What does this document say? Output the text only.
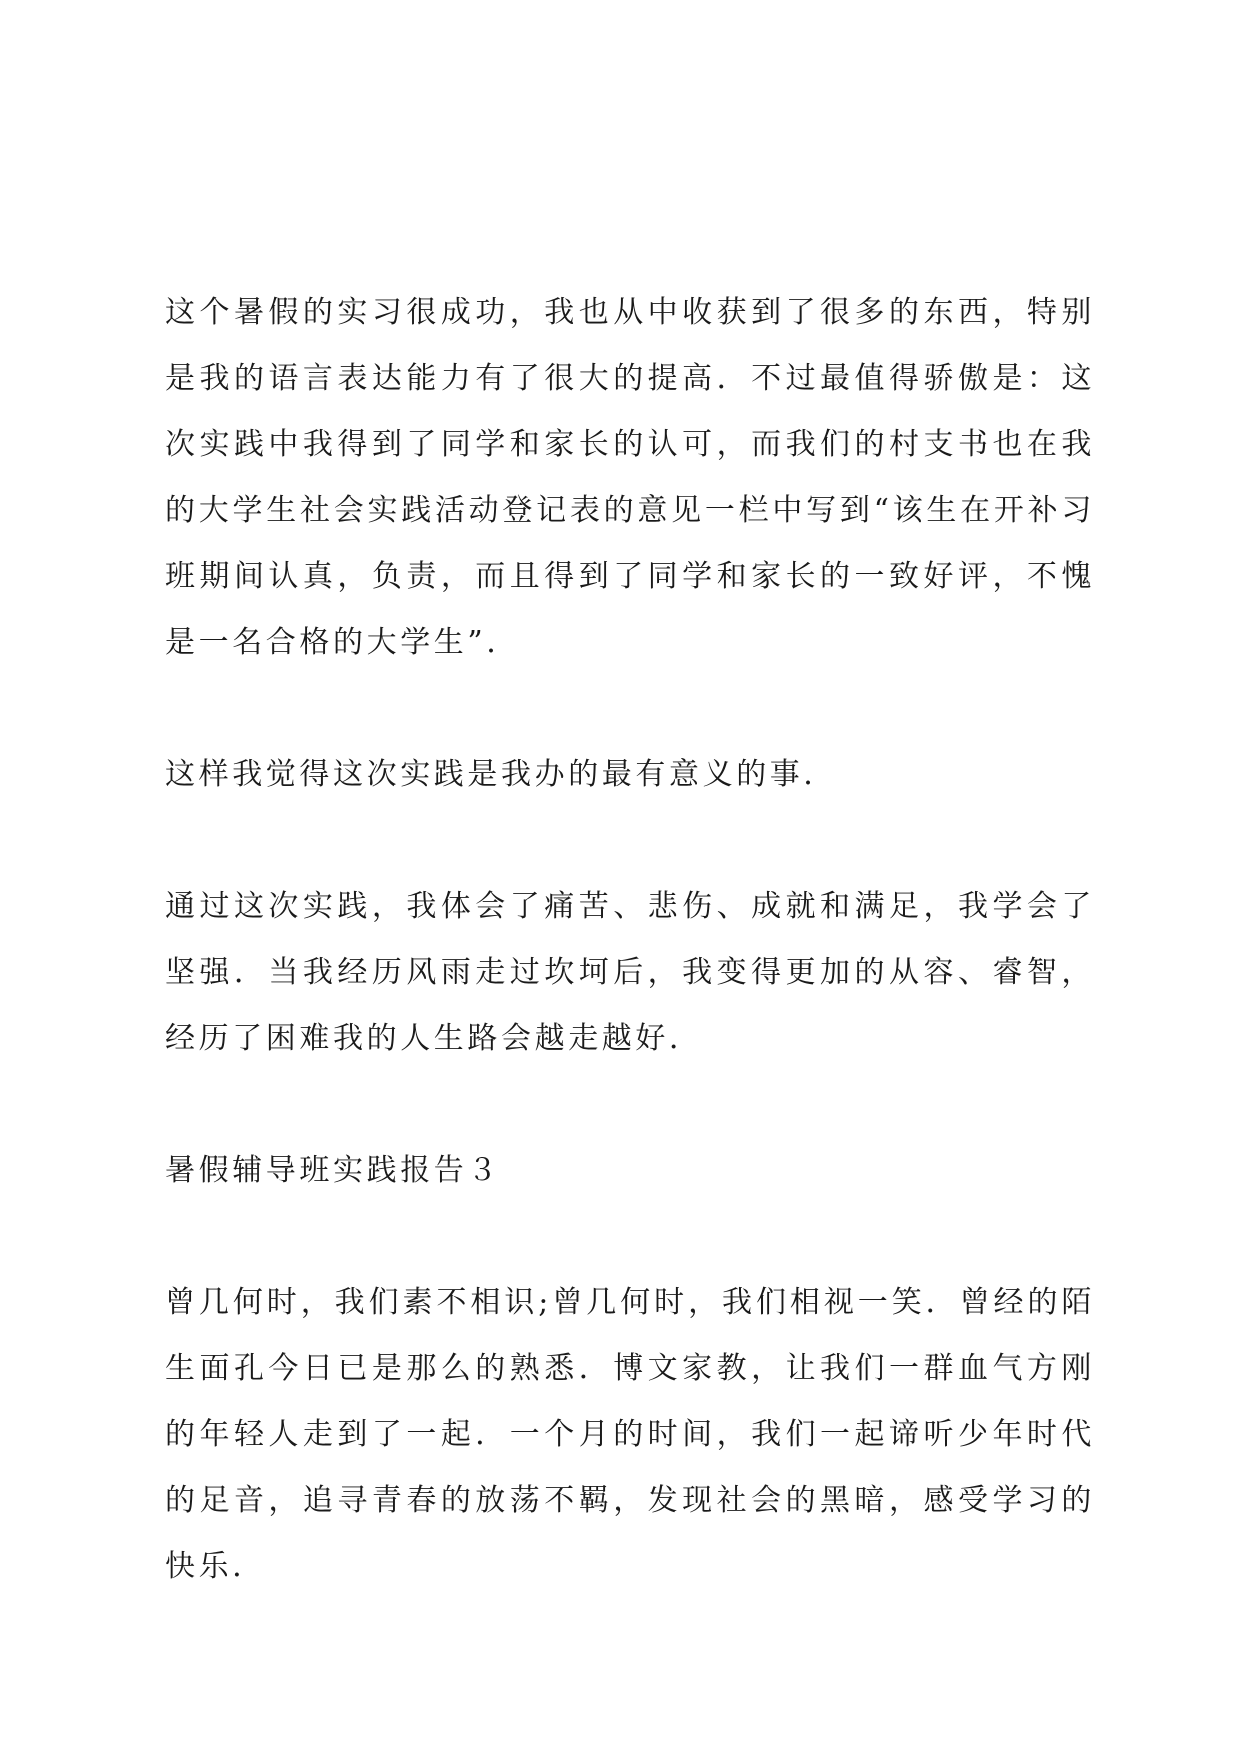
这个暑假的实习很成功，我也从中收获到了很多的东西，特别是我的语言表达能力有了很大的提高．不过最值得骄傲是：这次实践中我得到了同学和家长的认可，而我们的村支书也在我的大学生社会实践活动登记表的意见一栏中写到“该生在开补习班期间认真，负责，而且得到了同学和家长的一致好评，不愧是一名合格的大学生”．

这样我觉得这次实践是我办的最有意义的事．

通过这次实践，我体会了痛苦、悲伤、成就和满足，我学会了坚强．当我经历风雨走过坎坷后，我变得更加的从容、睿智，经历了困难我的人生路会越走越好．

暑假辅导班实践报告３

曾几何时，我们素不相识;曾几何时，我们相视一笑．曾经的陌生面孔今日已是那么的熟悉．博文家教，让我们一群血气方刚的年轻人走到了一起．一个月的时间，我们一起谛听少年时代的足音，追寻青春的放荡不羁，发现社会的黑暗，感受学习的快乐．
